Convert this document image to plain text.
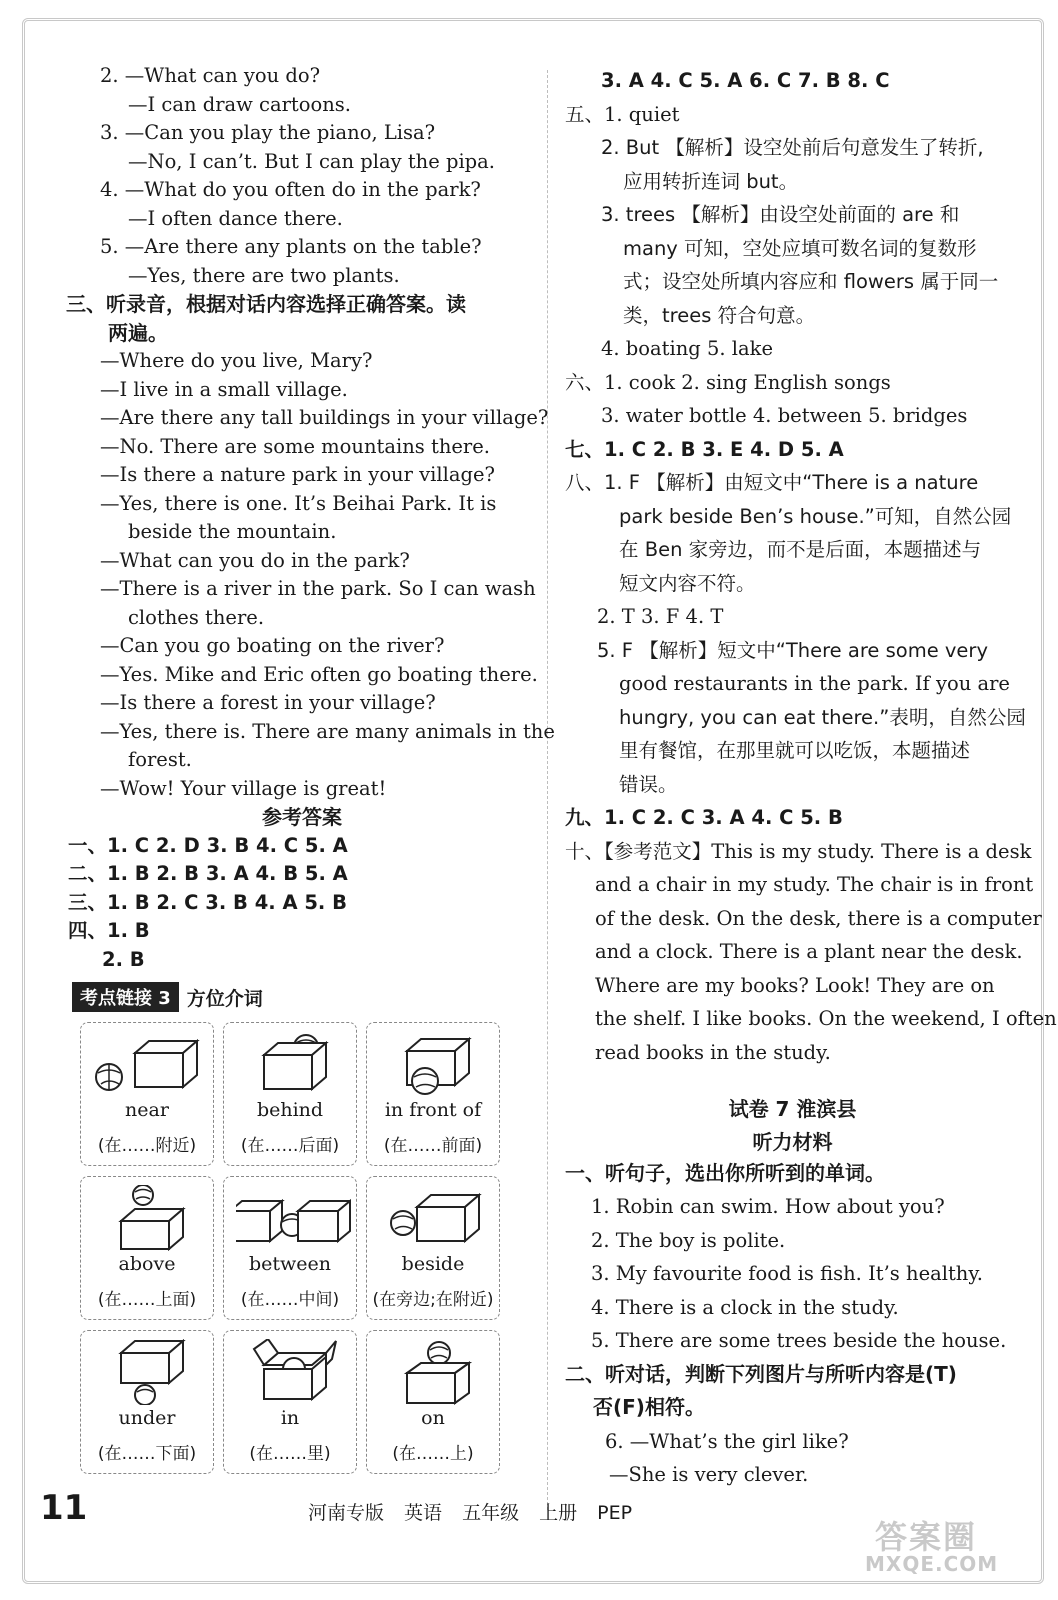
2. —What can you do?
—I can draw cartoons.
3. —Can you play the piano, Lisa?
—No, I can’t. But I can play the pipa.
4. —What do you often do in the park?
—I often dance there.
5. —Are there any plants on the table?
—Yes, there are two plants.
三、听录音，根据对话内容选择正确答案。读
两遍。
—Where do you live, Mary?
—I live in a small village.
—Are there any tall buildings in your village?
—No. There are some mountains there.
—Is there a nature park in your village?
—Yes, there is one. It’s Beihai Park. It is
beside the mountain.
—What can you do in the park?
—There is a river in the park. So I can wash
clothes there.
—Can you go boating on the river?
—Yes. Mike and Eric often go boating there.
—Is there a forest in your village?
—Yes, there is. There are many animals in the
forest.
—Wow! Your village is great!
参考答案
一、1. C 2. D 3. B 4. C 5. A
二、1. B 2. B 3. A 4. B 5. A
三、1. B 2. C 3. B 4. A 5. B
四、1. B
2. B
考点链接 3 方位介词
near
(在……附近)
behind
(在……后面)
in front of
(在……前面)
above
(在……上面)
between
(在……中间)
beside
(在旁边;在附近)
under
(在……下面)
in
(在……里)
on
(在……上)
3. A 4. C 5. A 6. C 7. B 8. C
五、1. quiet
2. But 【解析】设空处前后句意发生了转折,
应用转折连词 but。
3. trees 【解析】由设空处前面的 are 和
many 可知，空处应填可数名词的复数形
式；设空处所填内容应和 flowers 属于同一
类，trees 符合句意。
4. boating 5. lake
六、1. cook 2. sing English songs
3. water bottle 4. between 5. bridges
七、1. C 2. B 3. E 4. D 5. A
八、1. F 【解析】由短文中“There is a nature
park beside Ben’s house.”可知，自然公园
在 Ben 家旁边，而不是后面，本题描述与
短文内容不符。
2. T 3. F 4. T
5. F 【解析】短文中“There are some very
good restaurants in the park. If you are
hungry, you can eat there.”表明，自然公园
里有餐馆，在那里就可以吃饭，本题描述
错误。
九、1. C 2. C 3. A 4. C 5. B
十、【参考范文】This is my study. There is a desk
and a chair in my study. The chair is in front
of the desk. On the desk, there is a computer
and a clock. There is a plant near the desk.
Where are my books? Look! They are on
the shelf. I like books. On the weekend, I often
read books in the study.
试卷 7 淮滨县
听力材料
一、听句子，选出你所听到的单词。
1. Robin can swim. How about you?
2. The boy is polite.
3. My favourite food is fish. It’s healthy.
4. There is a clock in the study.
5. There are some trees beside the house.
二、听对话，判断下列图片与所听内容是(T)
否(F)相符。
6. —What’s the girl like?
—She is very clever.
11	河南专版 英语 五年级 上册 PEP
答案圈
MXQE.COM
